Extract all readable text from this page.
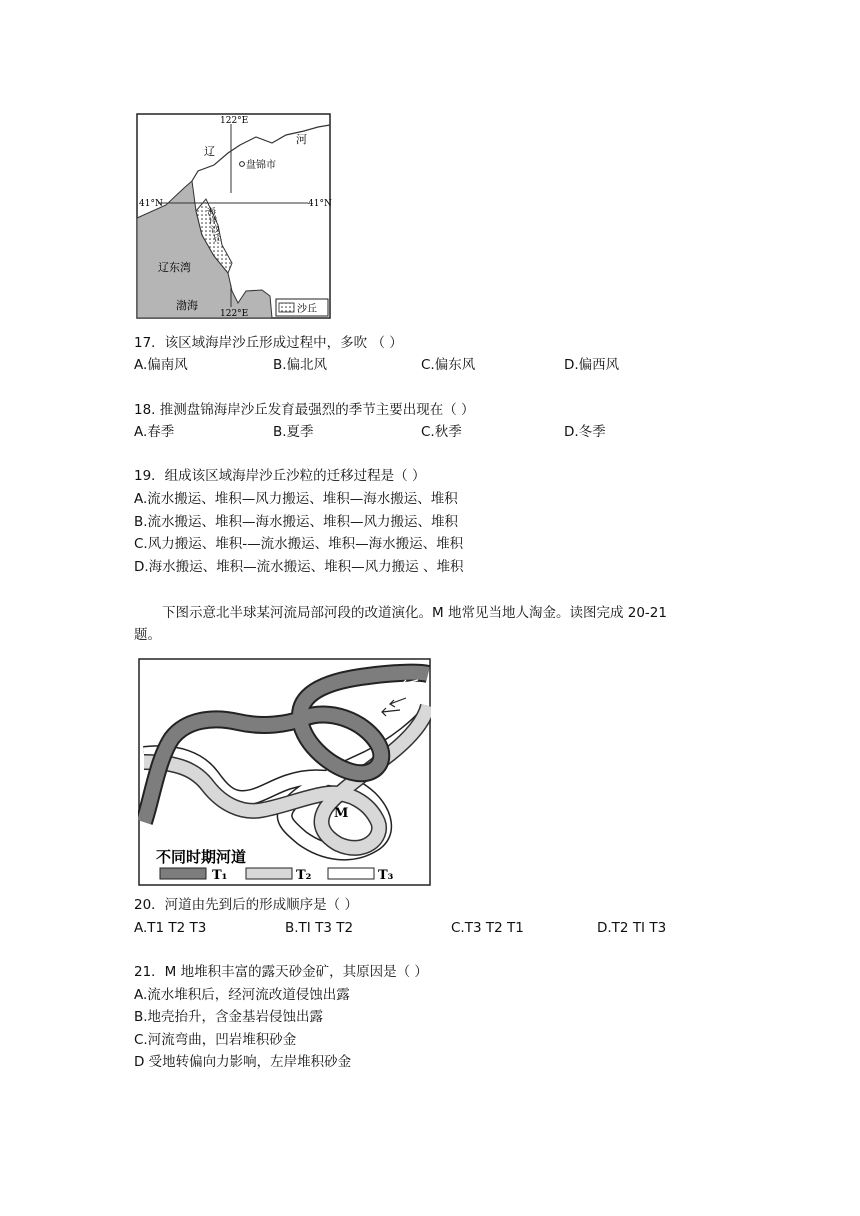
122°E
122°E
41°N	41°N
辽
河
盘锦市
海岸沙丘
辽东湾
渤海	沙丘
17．该区域海岸沙丘形成过程中，多吹 （ ）
A.偏南风	B.偏北风	C.偏东风	D.偏西风
18. 推测盘锦海岸沙丘发育最强烈的季节主要出现在（ ）
A.春季	B.夏季	C.秋季	D.冬季
19．组成该区域海岸沙丘沙粒的迁移过程是（ ）
A.流水搬运、堆积—风力搬运、堆积—海水搬运、堆积
B.流水搬运、堆积—海水搬运、堆积—风力搬运、堆积
C.风力搬运、堆积-—流水搬运、堆积—海水搬运、堆积
D.海水搬运、堆积—流水搬运、堆积—风力搬运 、堆积
下图示意北半球某河流局部河段的改道演化。M 地常见当地人淘金。读图完成 20-21
题。
M
不同时期河道
T₁	T₂	T₃
20．河道由先到后的形成顺序是（ ）
A.T1 T2 T3	B.TI T3 T2	C.T3 T2 T1	D.T2 TI T3
21．M 地堆积丰富的露天砂金矿，其原因是（ ）
A.流水堆积后，经河流改道侵蚀出露
B.地壳抬升，含金基岩侵蚀出露
C.河流弯曲，凹岩堆积砂金
D 受地转偏向力影响，左岸堆积砂金
